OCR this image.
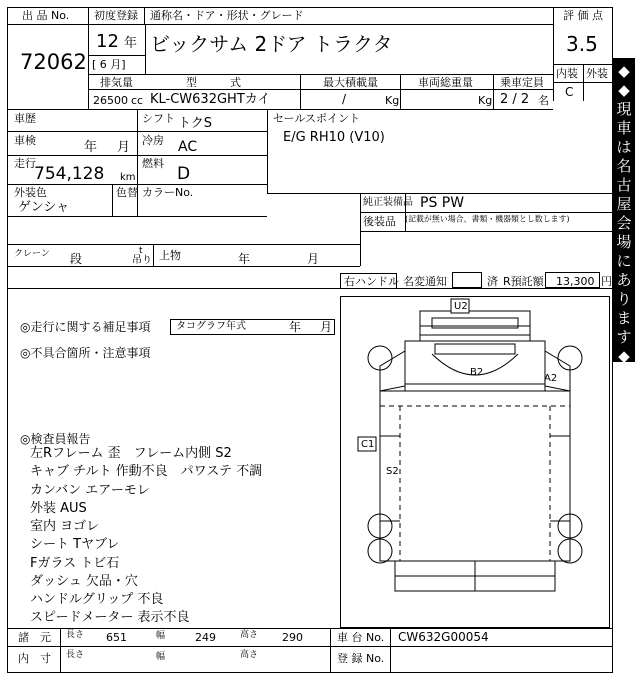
出 品 No.
72062
初度登録
12 年
[ 6 月]
通称名・ドア・形状・グレード
ビックサム 2ドア トラクタ
評 価 点
3.5
内装 外装
C
排気量	型　　　式	最大積載量	車両総重量 乗車定員
26500 cc KL-CW632GHTカイ	/	Kg	Kg 2 / 2 名
◆
◆
現
車
は
名
古
屋
会
場
に
あ
り
ま
す
◆
◆
車歴	シフト トクS
車検	年 月 冷房 AC
走行
754,128 km
燃料
D
外装色
ゲンシャ
色替 カラーNo.
クレーン 段
t
吊り 上物	年	月
セールスポイント
E/G RH10 (V10)
純正装備品 PS PW
後装品 (記載が無い場合、書類・機器類とし数します)
右ハンドル 名変通知	済 R預託額 13,300 円
◎走行に関する補足事項	タコグラフ年式	年 月
◎不具合箇所・注意事項
◎検査員報告
左Rフレーム 歪　フレーム内側 S2
キャブ チルト 作動不良　パワステ 不調
カンバン エアーモレ
外装 AUS
室内 ヨゴレ
シート Tヤブレ
Fガラス トビ石
ダッシュ 欠品・穴
ハンドルグリップ 不良
スピードメーター 表示不良
U2
B2
A2
C1
S2
諸　元 長さ 651	幅	249	高さ 290	車 台 No. CW632G00054
内　寸 長さ	幅	高さ	登 録 No.
